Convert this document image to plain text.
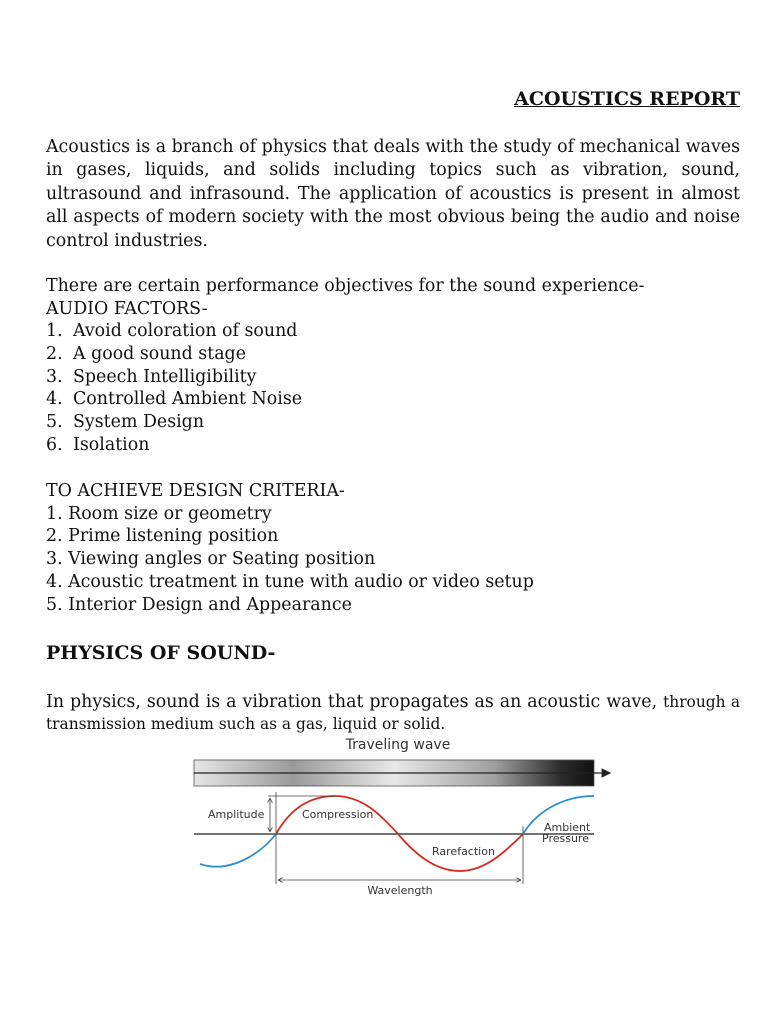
ACOUSTICS REPORT

Acoustics is a branch of physics that deals with the study of mechanical waves in gases, liquids, and solids including topics such as vibration, sound, ultrasound and infrasound. The application of acoustics is present in almost all aspects of modern society with the most obvious being the audio and noise control industries.

There are certain performance objectives for the sound experience-
AUDIO FACTORS-
1. Avoid coloration of sound
2. A good sound stage
3. Speech Intelligibility
4. Controlled Ambient Noise
5. System Design
6. Isolation
TO ACHIEVE DESIGN CRITERIA-
1. Room size or geometry
2. Prime listening position
3. Viewing angles or Seating position
4. Acoustic treatment in tune with audio or video setup
5. Interior Design and Appearance
PHYSICS OF SOUND-
In physics, sound is a vibration that propagates as an acoustic wave, through a transmission medium such as a gas, liquid or solid.
Traveling wave
Amplitude	Compression
Rarefaction
Ambient
Pressure
Wavelength
